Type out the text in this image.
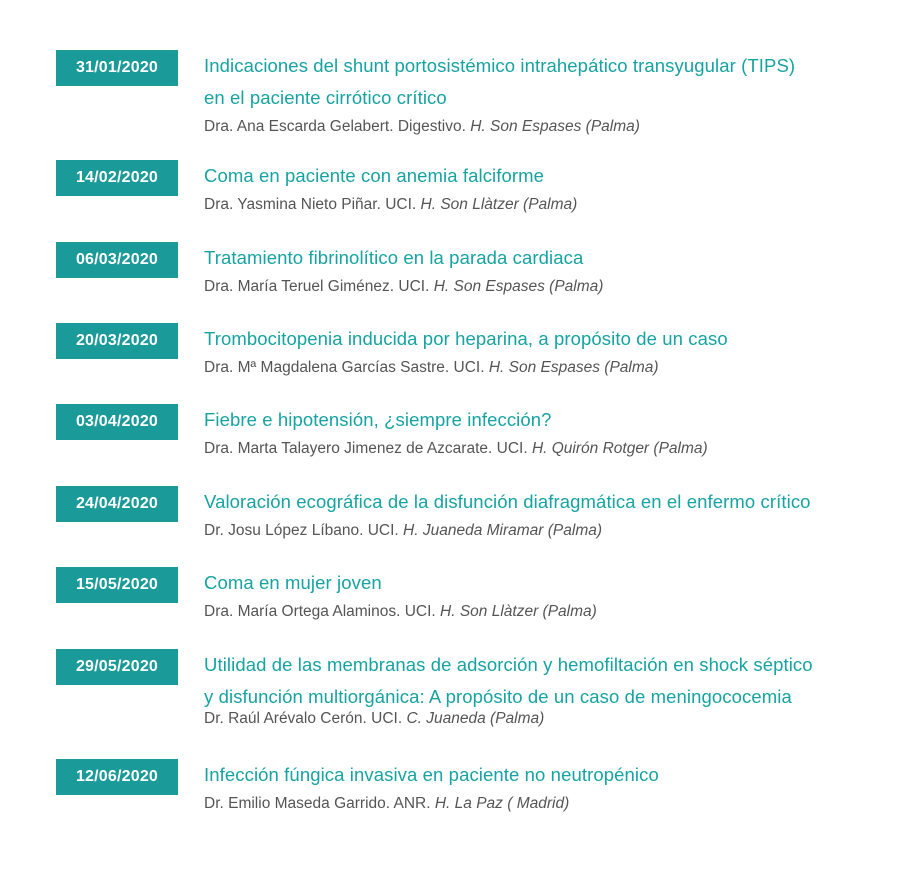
31/01/2020	Indicaciones del shunt portosistémico intrahepático transyugular (TIPS)
en el paciente cirrótico crítico
Dra. Ana Escarda Gelabert. Digestivo. H. Son Espases (Palma)
14/02/2020	Coma en paciente con anemia falciforme
Dra. Yasmina Nieto Piñar. UCI. H. Son Llàtzer (Palma)
06/03/2020	Tratamiento fibrinolítico en la parada cardiaca
Dra. María Teruel Giménez. UCI. H. Son Espases (Palma)
20/03/2020	Trombocitopenia inducida por heparina, a propósito de un caso
Dra. Mª Magdalena Garcías Sastre. UCI. H. Son Espases (Palma)
03/04/2020	Fiebre e hipotensión, ¿siempre infección?
Dra. Marta Talayero Jimenez de Azcarate. UCI. H. Quirón Rotger (Palma)
24/04/2020	Valoración ecográfica de la disfunción diafragmática en el enfermo crítico
Dr. Josu López Líbano. UCI. H. Juaneda Miramar (Palma)
15/05/2020	Coma en mujer joven
Dra. María Ortega Alaminos. UCI. H. Son Llàtzer (Palma)
29/05/2020	Utilidad de las membranas de adsorción y hemofiltación en shock séptico
y disfunción multiorgánica: A propósito de un caso de meningococemia
Dr. Raúl Arévalo Cerón. UCI. C. Juaneda (Palma)
12/06/2020	Infección fúngica invasiva en paciente no neutropénico
Dr. Emilio Maseda Garrido. ANR. H. La Paz ( Madrid)
